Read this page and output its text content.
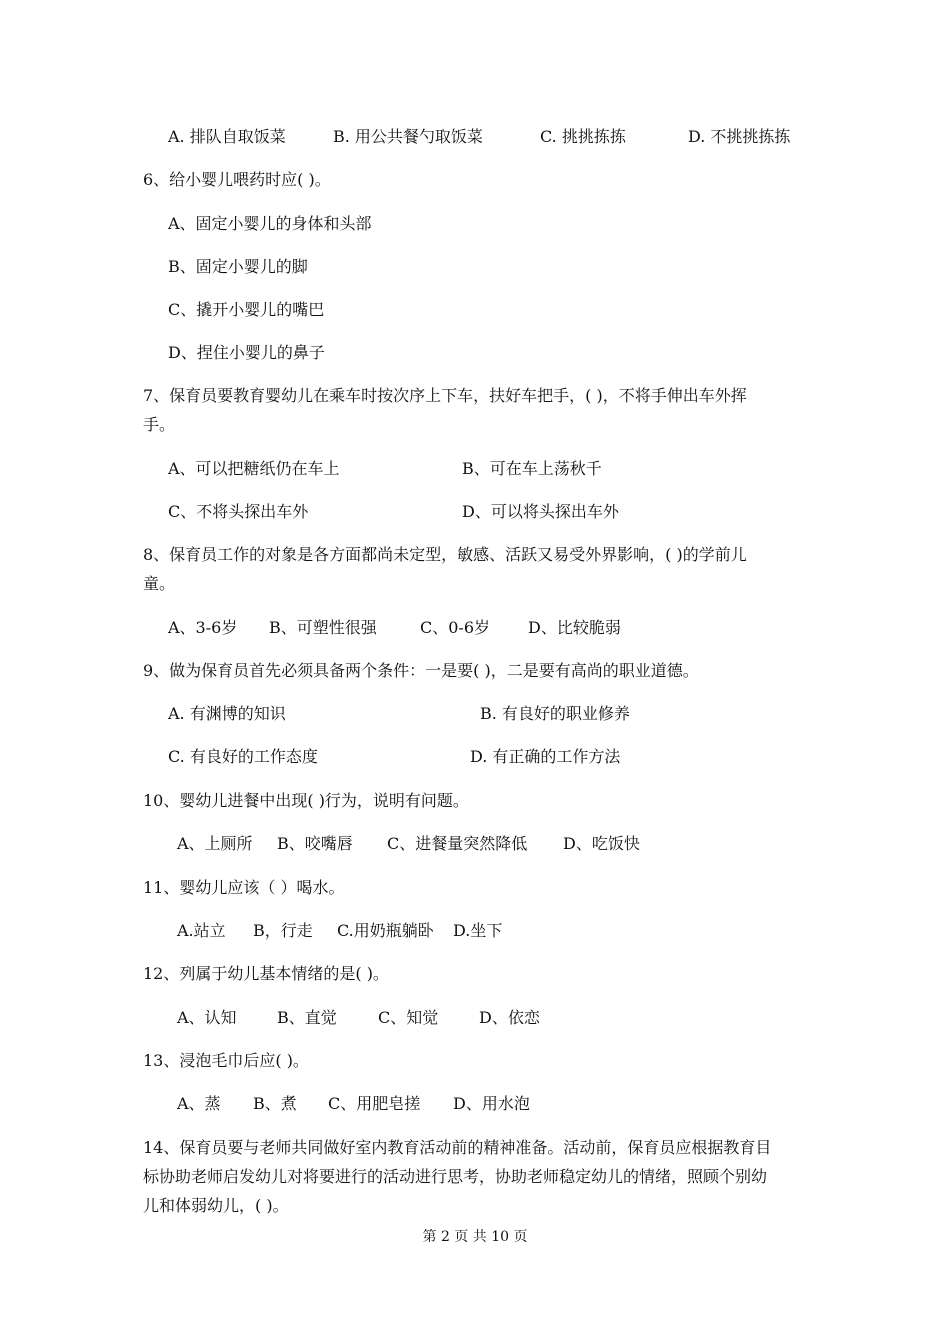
A. 排队自取饭菜	B. 用公共餐勺取饭菜	C. 挑挑拣拣	D. 不挑挑拣拣
6、给小婴儿喂药时应( )。
A、固定小婴儿的身体和头部
B、固定小婴儿的脚
C、撬开小婴儿的嘴巴
D、捏住小婴儿的鼻子
7、保育员要教育婴幼儿在乘车时按次序上下车，扶好车把手，( )，不将手伸出车外挥
手。
A、可以把糖纸仍在车上	B、可在车上荡秋千
C、不将头探出车外	D、可以将头探出车外
8、保育员工作的对象是各方面都尚未定型，敏感、活跃又易受外界影响，( )的学前儿
童。
A、3-6岁 B、可塑性很强	C、0-6岁 D、比较脆弱
9、做为保育员首先必须具备两个条件：一是要( )，二是要有高尚的职业道德。
A. 有渊博的知识	B. 有良好的职业修养
C. 有良好的工作态度	D. 有正确的工作方法
10、婴幼儿进餐中出现( )行为，说明有问题。
A、上厕所 B、咬嘴唇 C、进餐量突然降低 D、吃饭快
11、婴幼儿应该（ ）喝水。
A.站立 B，行走 C.用奶瓶躺卧 D.坐下
12、列属于幼儿基本情绪的是( )。
A、认知	B、直觉	C、知觉	D、依恋
13、浸泡毛巾后应( )。
A、蒸 B、煮 C、用肥皂搓 D、用水泡
14、保育员要与老师共同做好室内教育活动前的精神准备。活动前，保育员应根据教育目
标协助老师启发幼儿对将要进行的活动进行思考，协助老师稳定幼儿的情绪，照顾个别幼
儿和体弱幼儿，( )。
第 2 页 共 10 页
